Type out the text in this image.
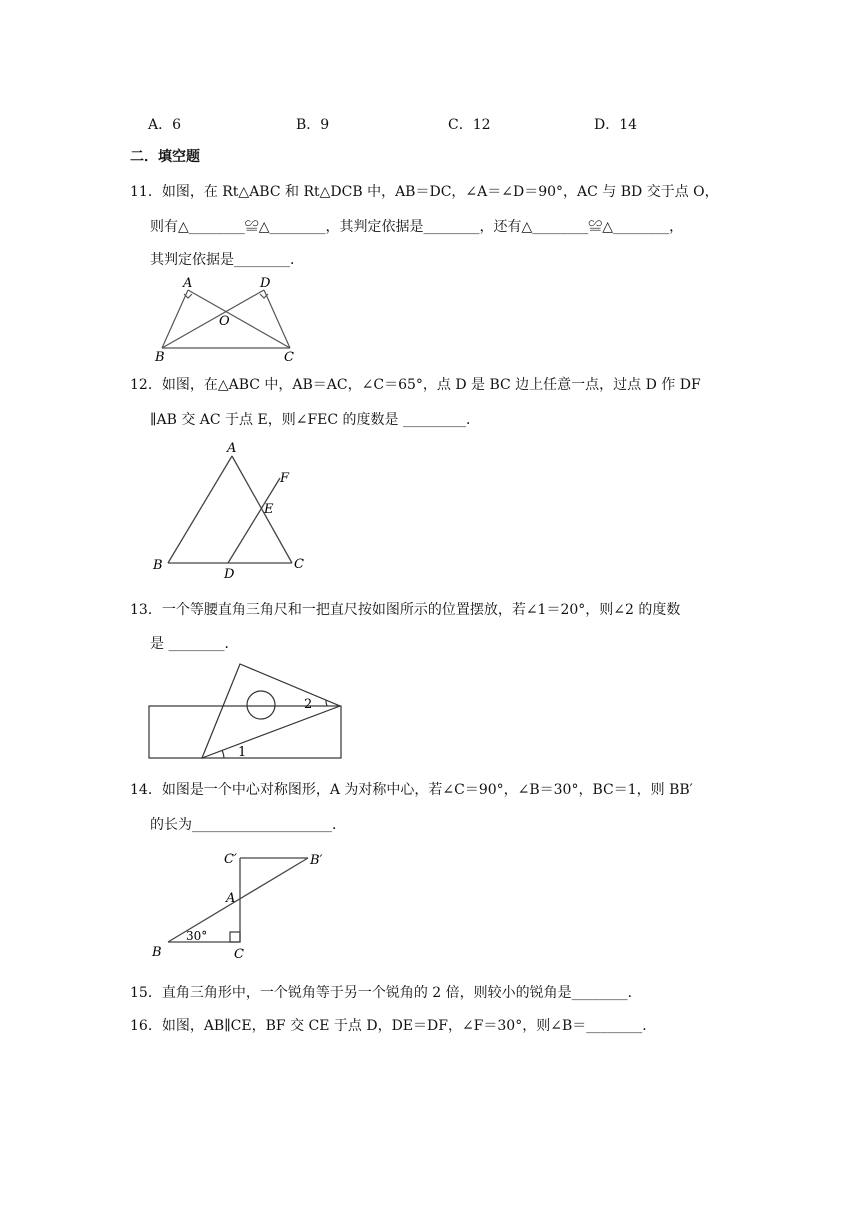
A．6	B．9	C．12	D．14
二．填空题
11．如图，在 Rt△ABC 和 Rt△DCB 中，AB＝DC，∠A＝∠D＝90°，AC 与 BD 交于点 O，
则有△________≌△________，其判定依据是________，还有△________≌△________，
其判定依据是________．
A	D
O
B	C
12．如图，在△ABC 中，AB＝AC，∠C＝65°，点 D 是 BC 边上任意一点，过点 D 作 DF
∥AB 交 AC 于点 E，则∠FEC 的度数是 _________．
A
F
E
B
D
C
13．一个等腰直角三角尺和一把直尺按如图所示的位置摆放，若∠1＝20°，则∠2 的度数
是 ________．
1
2
14．如图是一个中心对称图形，A 为对称中心，若∠C＝90°，∠B＝30°，BC＝1，则 BB′
的长为____________________．
C′	B′
A
B	C
30°
15．直角三角形中，一个锐角等于另一个锐角的 2 倍，则较小的锐角是________．
16．如图，AB∥CE，BF 交 CE 于点 D，DE＝DF，∠F＝30°，则∠B＝________．
